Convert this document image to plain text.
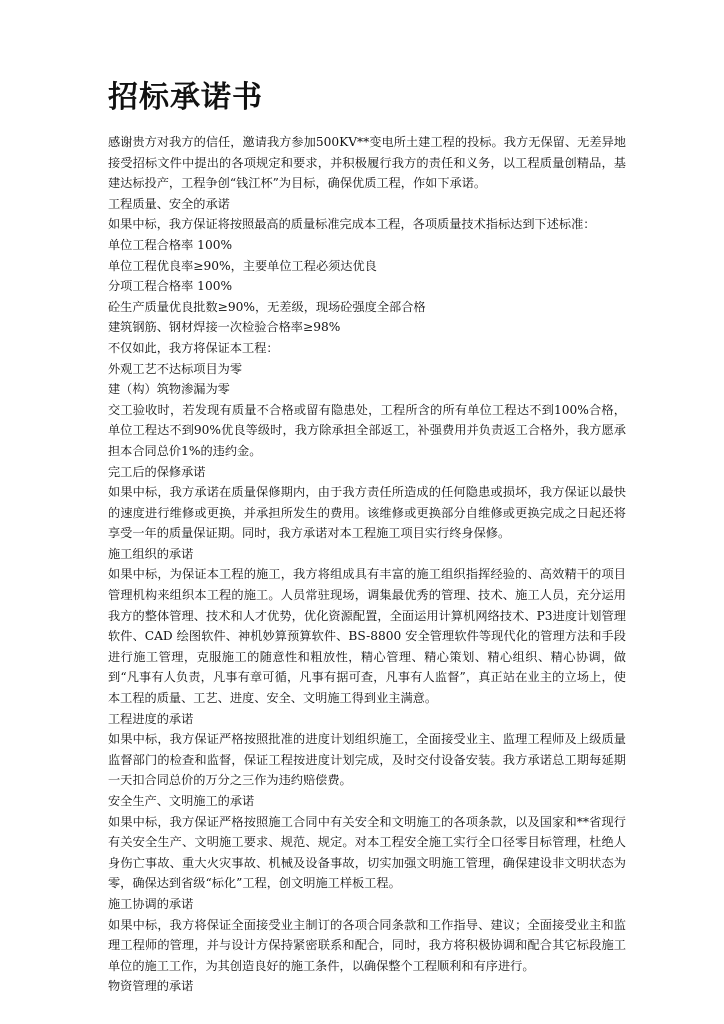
招标承诺书

感谢贵方对我方的信任，邀请我方参加500KV**变电所土建工程的投标。我方无保留、无差异地接受招标文件中提出的各项规定和要求，并积极履行我方的责任和义务，以工程质量创精品，基建达标投产，工程争创“钱江杯”为目标，确保优质工程，作如下承诺。

工程质量、安全的承诺

如果中标，我方保证将按照最高的质量标准完成本工程，各项质量技术指标达到下述标准：

单位工程合格率 100%

单位工程优良率≥90%，主要单位工程必须达优良

分项工程合格率 100%

砼生产质量优良批数≥90%，无差级，现场砼强度全部合格

建筑钢筋、钢材焊接一次检验合格率≥98%

不仅如此，我方将保证本工程：

外观工艺不达标项目为零

建（构）筑物渗漏为零

交工验收时，若发现有质量不合格或留有隐患处，工程所含的所有单位工程达不到100%合格，单位工程达不到90%优良等级时，我方除承担全部返工，补强费用并负责返工合格外，我方愿承担本合同总价1%的违约金。

完工后的保修承诺

如果中标，我方承诺在质量保修期内，由于我方责任所造成的任何隐患或损坏，我方保证以最快的速度进行维修或更换，并承担所发生的费用。该维修或更换部分自维修或更换完成之日起还将享受一年的质量保证期。同时，我方承诺对本工程施工项目实行终身保修。

施工组织的承诺

如果中标，为保证本工程的施工，我方将组成具有丰富的施工组织指挥经验的、高效精干的项目管理机构来组织本工程的施工。人员常驻现场，调集最优秀的管理、技术、施工人员，充分运用我方的整体管理、技术和人才优势，优化资源配置，全面运用计算机网络技术、P3进度计划管理软件、CAD 绘图软件、神机妙算预算软件、BS-8800 安全管理软件等现代化的管理方法和手段进行施工管理，克服施工的随意性和粗放性，精心管理、精心策划、精心组织、精心协调，做到“凡事有人负责，凡事有章可循，凡事有据可查，凡事有人监督”，真正站在业主的立场上，使本工程的质量、工艺、进度、安全、文明施工得到业主满意。

工程进度的承诺

如果中标，我方保证严格按照批准的进度计划组织施工，全面接受业主、监理工程师及上级质量监督部门的检查和监督，保证工程按进度计划完成，及时交付设备安装。我方承诺总工期每延期一天扣合同总价的万分之三作为违约赔偿费。

安全生产、文明施工的承诺

如果中标，我方保证严格按照施工合同中有关安全和文明施工的各项条款，以及国家和**省现行有关安全生产、文明施工要求、规范、规定。对本工程安全施工实行全口径零目标管理，杜绝人身伤亡事故、重大火灾事故、机械及设备事故，切实加强文明施工管理，确保建设非文明状态为零，确保达到省级“标化”工程，创文明施工样板工程。

施工协调的承诺

如果中标，我方将保证全面接受业主制订的各项合同条款和工作指导、建议；全面接受业主和监理工程师的管理，并与设计方保持紧密联系和配合，同时，我方将积极协调和配合其它标段施工单位的施工工作，为其创造良好的施工条件，以确保整个工程顺利和有序进行。

物资管理的承诺
